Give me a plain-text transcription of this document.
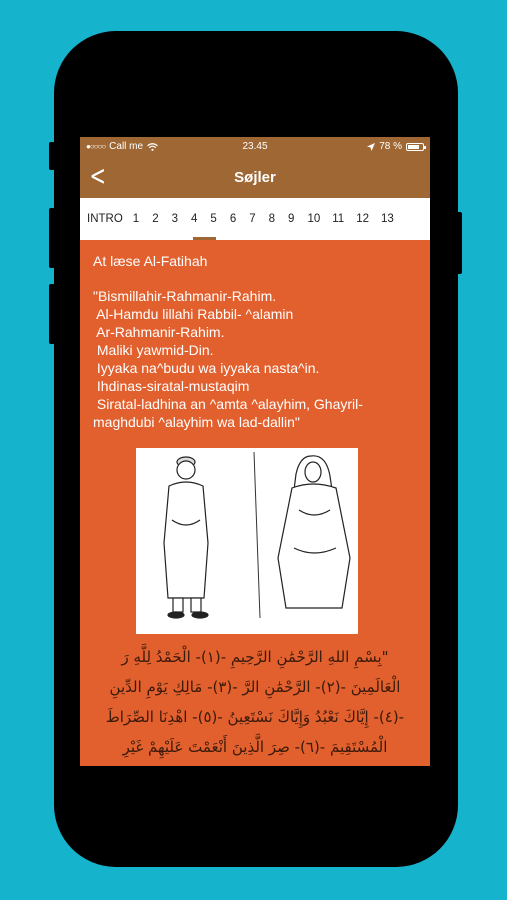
●○○○○ Call me	23.45	78 %
<	Søjler
INTRO 1 2 3 4 5 6 7 8 9 10 11 12 13
At læse Al-Fatihah
"Bismillahir-Rahmanir-Rahim.
Al-Hamdu lillahi Rabbil- ^alamin
Ar-Rahmanir-Rahim.
Maliki yawmid-Din.
Iyyaka na^budu wa iyyaka nasta^in.
Ihdinas-siratal-mustaqim
Siratal-ladhina an ^amta ^alayhim, Ghayril-
maghdubi ^alayhim wa lad-dallin"
"بِسْمِ اللهِ الرَّحْمَٰنِ الرَّحِيمِ -(١)- الْحَمْدُ لِلَّهِ رَ
الْعَالَمِينَ -(٢)- الرَّحْمَٰنِ الرَّ -(٣)- مَالِكِ يَوْمِ الدِّينِ
-(٤)- إِيَّاكَ نَعْبُدُ وَإِيَّاكَ نَسْتَعِينُ -(٥)- اهْدِنَا الصِّرَاطَ
الْمُسْتَقِيمَ -(٦)- صِرَ الَّذِينَ أَنْعَمْتَ عَلَيْهِمْ غَيْرِ
